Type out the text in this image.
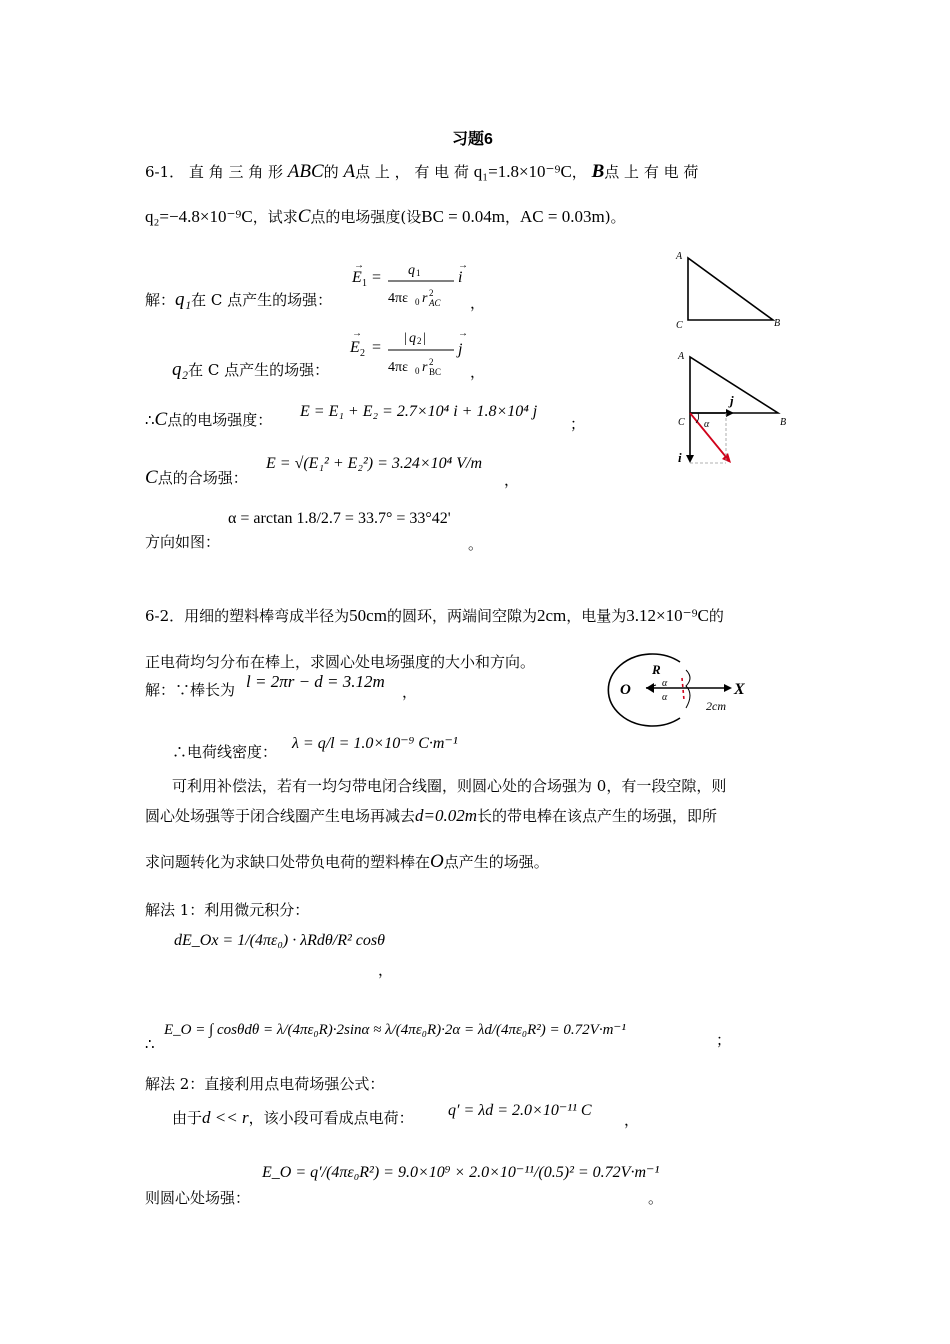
习题6
6-1． 直 角 三 角 形 ABC的 A点 上 ， 有 电 荷 q₁=1.8×10⁻⁹C， B点 上 有 电 荷
q₂=−4.8×10⁻⁹C，试求C点的电场强度(设BC = 0.04m，AC = 0.03m)。
解：q₁在 C 点产生的场强：
E 1
→
= q 1
4πε 0 r 2
AC
i
→
，
q₂在 C 点产生的场强：
E 2
→
=
| q 2 |
4πε 0 r 2
BC
j
→
，
∴C点的电场强度： E = E₁ + E₂ = 2.7×10⁴ i + 1.8×10⁴ j
；
C点的合场强：
E = √(E₁² + E₂²) = 3.24×10⁴ V/m
，
方向如图：
α = arctan 1.8/2.7 = 33.7° = 33°42'
。
A
C	B
A
C	B
j
i
α
6-2．用细的塑料棒弯成半径为50cm的圆环，两端间空隙为2cm，电量为3.12×10⁻⁹C的
正电荷均匀分布在棒上，求圆心处电场强度的大小和方向。
解：∵棒长为 l = 2πr − d = 3.12m
，
∴电荷线密度： λ = q/l = 1.0×10⁻⁹ C·m⁻¹
O
R
α
α	X
2cm
可利用补偿法，若有一均匀带电闭合线圈，则圆心处的合场强为 0，有一段空隙，则
圆心处场强等于闭合线圈产生电场再减去d=0.02m长的带电棒在该点产生的场强，即所
求问题转化为求缺口处带负电荷的塑料棒在O点产生的场强。
解法 1：利用微元积分：
dE_Ox = 1/(4πε₀) · λRdθ/R² cosθ
，
∴
E_O = ∫ cosθdθ = λ/(4πε₀R)·2sinα ≈ λ/(4πε₀R)·2α = λd/(4πε₀R²) = 0.72V·m⁻¹
；
解法 2：直接利用点电荷场强公式：
由于d << r，该小段可看成点电荷： q′ = λd = 2.0×10⁻¹¹ C
，
则圆心处场强：
E_O = q′/(4πε₀R²) = 9.0×10⁹ × 2.0×10⁻¹¹/(0.5)² = 0.72V·m⁻¹
。
